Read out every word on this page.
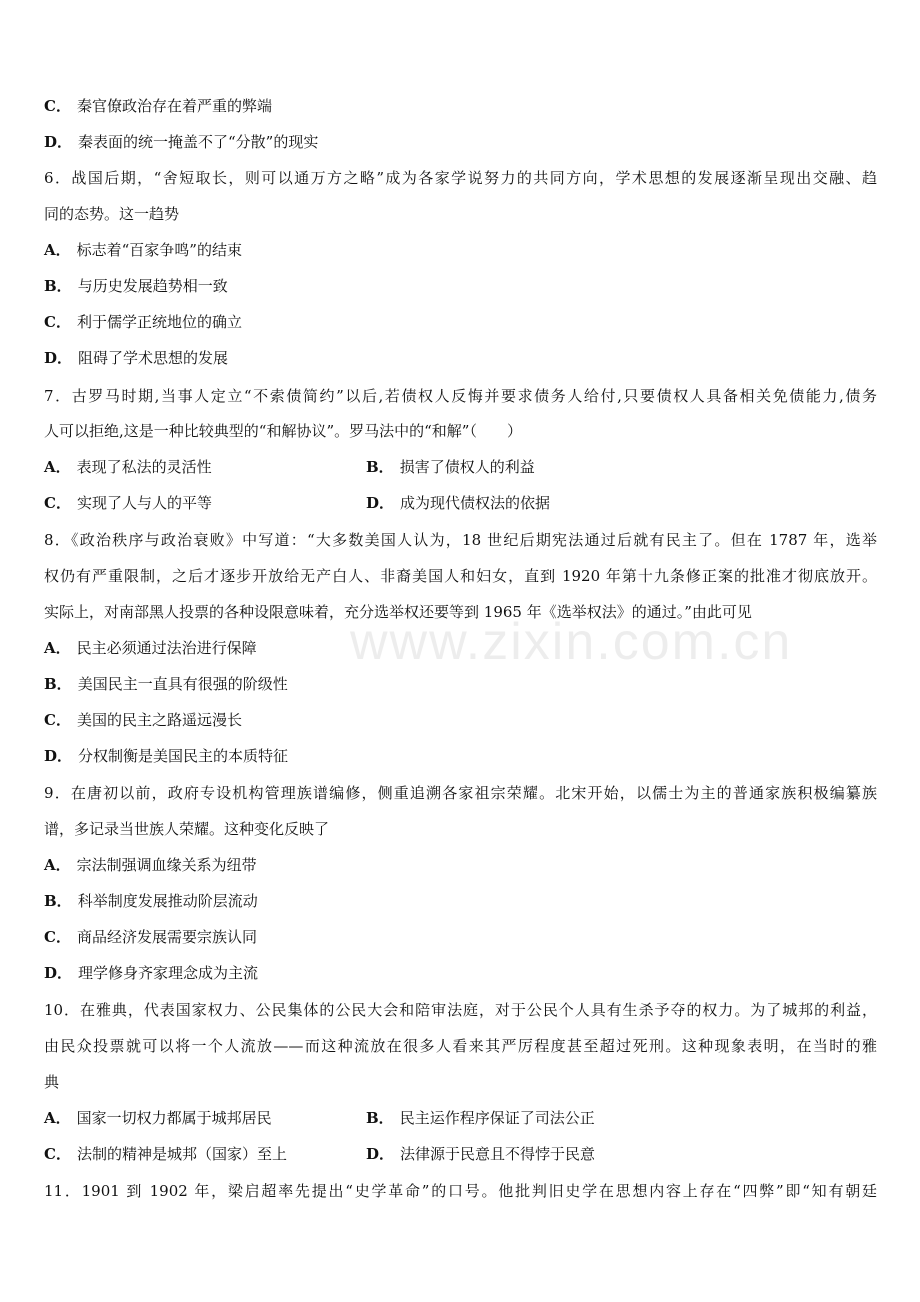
www.zixin.com.cn
C． 秦官僚政治存在着严重的弊端
D． 秦表面的统一掩盖不了“分散”的现实
6．战国后期，“舍短取长，则可以通万方之略”成为各家学说努力的共同方向，学术思想的发展逐渐呈现出交融、趋
同的态势。这一趋势
A． 标志着“百家争鸣”的结束
B． 与历史发展趋势相一致
C． 利于儒学正统地位的确立
D． 阻碍了学术思想的发展
7．古罗马时期,当事人定立“不索债简约”以后,若债权人反悔并要求债务人给付,只要债权人具备相关免债能力,债务
人可以拒绝,这是一种比较典型的“和解协议”。罗马法中的“和解”（　　）
A． 表现了私法的灵活性	B． 损害了债权人的利益
C． 实现了人与人的平等	D． 成为现代债权法的依据
8．《政治秩序与政治衰败》中写道：“大多数美国人认为，18 世纪后期宪法通过后就有民主了。但在 1787 年，选举
权仍有严重限制，之后才逐步开放给无产白人、非裔美国人和妇女，直到 1920 年第十九条修正案的批准才彻底放开。
实际上，对南部黑人投票的各种设限意味着，充分选举权还要等到 1965 年《选举权法》的通过。”由此可见
A． 民主必须通过法治进行保障
B． 美国民主一直具有很强的阶级性
C． 美国的民主之路遥远漫长
D． 分权制衡是美国民主的本质特征
9．在唐初以前，政府专设机构管理族谱编修，侧重追溯各家祖宗荣耀。北宋开始，以儒士为主的普通家族积极编纂族
谱，多记录当世族人荣耀。这种变化反映了
A． 宗法制强调血缘关系为纽带
B． 科举制度发展推动阶层流动
C． 商品经济发展需要宗族认同
D． 理学修身齐家理念成为主流
10．在雅典，代表国家权力、公民集体的公民大会和陪审法庭，对于公民个人具有生杀予夺的权力。为了城邦的利益，
由民众投票就可以将一个人流放——而这种流放在很多人看来其严厉程度甚至超过死刑。这种现象表明，在当时的雅
典
A． 国家一切权力都属于城邦居民	B． 民主运作程序保证了司法公正
C． 法制的精神是城邦（国家）至上	D． 法律源于民意且不得悖于民意
11．1901 到 1902 年，梁启超率先提出“史学革命”的口号。他批判旧史学在思想内容上存在“四弊”即“知有朝廷
